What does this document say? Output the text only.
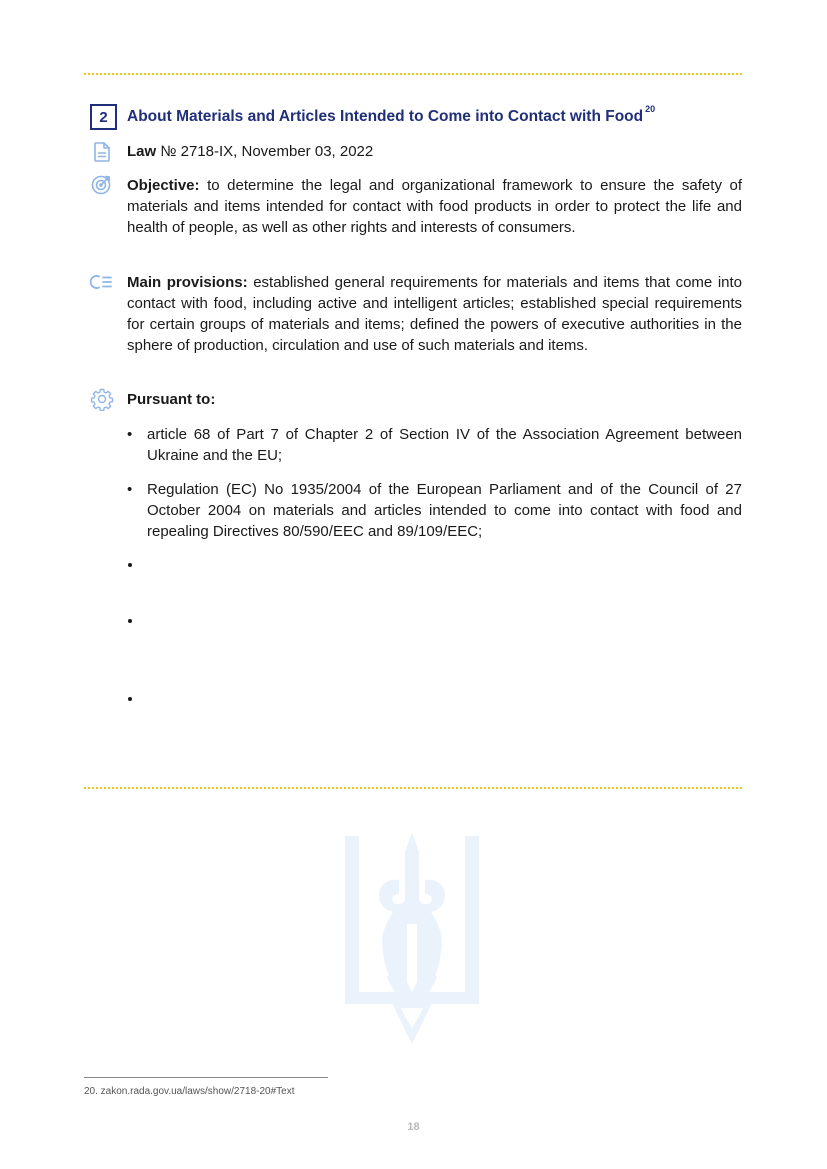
2	About Materials and Articles Intended to Come into Contact with Food $^{20}$
Law № 2718-IX, November 03, 2022
Objective: to determine the legal and organizational framework to ensure the safety of materials and items intended for contact with food products in order to protect the life and health of people, as well as other rights and interests of consumers.
Main provisions: established general requirements for materials and items that come into contact with food, including active and intelligent articles; established special requirements for certain groups of materials and items; defined the powers of executive authorities in the sphere of production, circulation and use of such materials and items.
Pursuant to:
• article 68 of Part 7 of Chapter 2 of Section IV of the Association Agreement between Ukraine and the EU;
• Regulation (EC) No 1935/2004 of the European Parliament and of the Council of 27 October 2004 on materials and articles intended to come into contact with food and repealing Directives 80/590/EEC and 89/109/EEC;
20. zakon.rada.gov.ua/laws/show/2718-20#Text
18
